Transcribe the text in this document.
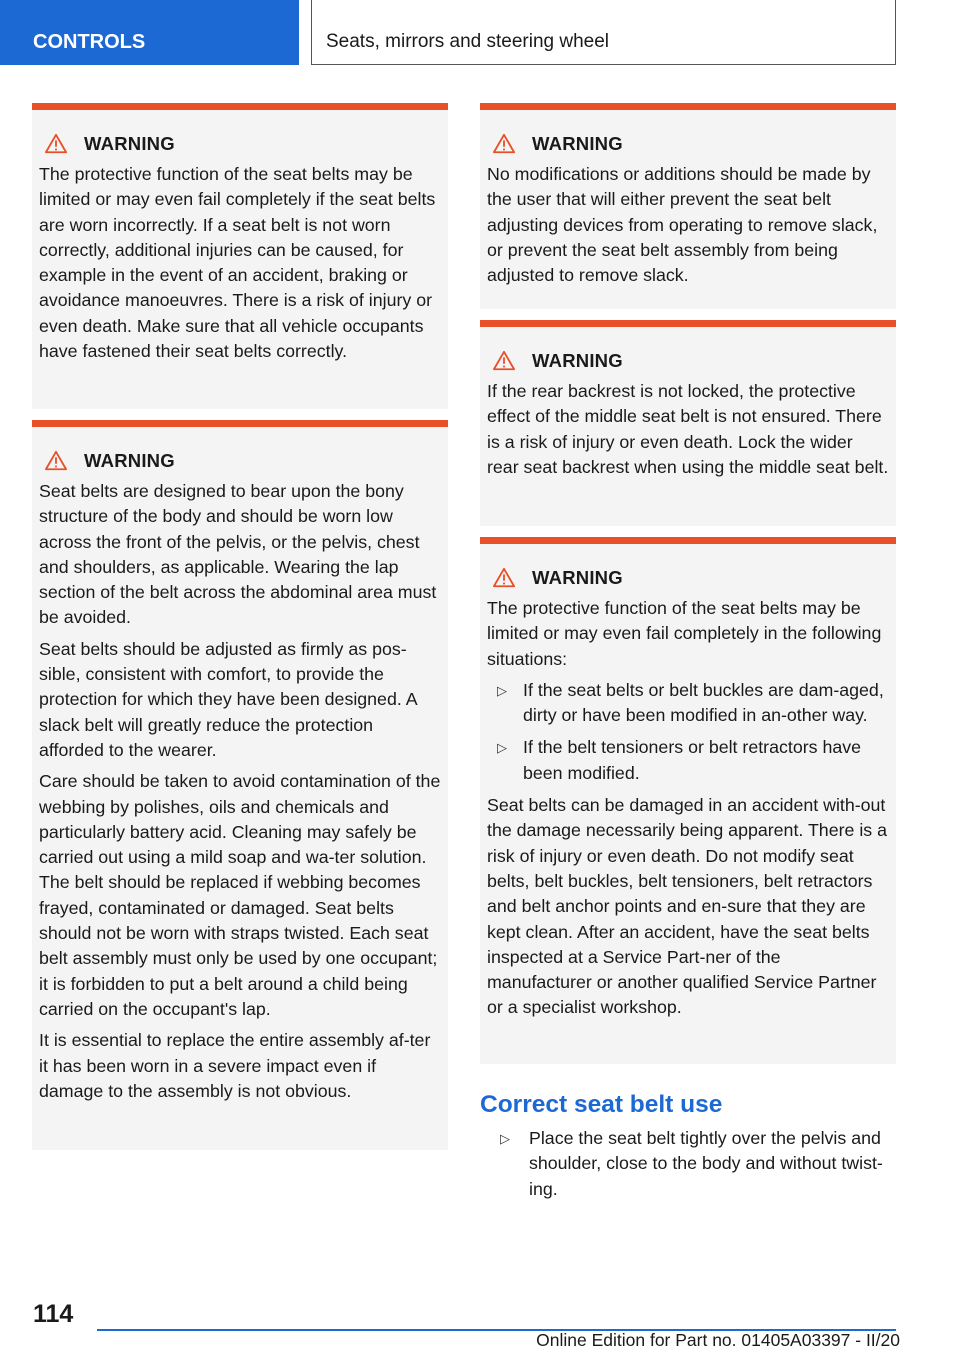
CONTROLS	Seats, mirrors and steering wheel
WARNING

The protective function of the seat belts may be limited or may even fail completely if the seat belts are worn incorrectly. If a seat belt is not worn correctly, additional injuries can be caused, for example in the event of an accident, braking or avoidance manoeuvres. There is a risk of injury or even death. Make sure that all vehicle occupants have fastened their seat belts correctly.

WARNING

Seat belts are designed to bear upon the bony structure of the body and should be worn low across the front of the pelvis, or the pelvis, chest and shoulders, as applicable. Wearing the lap section of the belt across the abdominal area must be avoided.

Seat belts should be adjusted as firmly as pos-sible, consistent with comfort, to provide the protection for which they have been designed. A slack belt will greatly reduce the protection afforded to the wearer.

Care should be taken to avoid contamination of the webbing by polishes, oils and chemicals and particularly battery acid. Cleaning may safely be carried out using a mild soap and wa-ter solution. The belt should be replaced if webbing becomes frayed, contaminated or damaged. Seat belts should not be worn with straps twisted. Each seat belt assembly must only be used by one occupant; it is forbidden to put a belt around a child being carried on the occupant's lap.

It is essential to replace the entire assembly af-ter it has been worn in a severe impact even if damage to the assembly is not obvious.

WARNING

No modifications or additions should be made by the user that will either prevent the seat belt adjusting devices from operating to remove slack, or prevent the seat belt assembly from being adjusted to remove slack.

WARNING

If the rear backrest is not locked, the protective effect of the middle seat belt is not ensured. There is a risk of injury or even death. Lock the wider rear seat backrest when using the middle seat belt.

WARNING

The protective function of the seat belts may be limited or may even fail completely in the following situations:

▷ If the seat belts or belt buckles are dam-aged, dirty or have been modified in an-other way.
▷ If the belt tensioners or belt retractors have been modified.

Seat belts can be damaged in an accident with-out the damage necessarily being apparent. There is a risk of injury or even death. Do not modify seat belts, belt buckles, belt tensioners, belt retractors and belt anchor points and en-sure that they are kept clean. After an accident, have the seat belts inspected at a Service Part-ner of the manufacturer or another qualified Service Partner or a specialist workshop.

Correct seat belt use
▷	Place the seat belt tightly over the pelvis and shoulder, close to the body and without twist-ing.
114
Online Edition for Part no. 01405A03397 - II/20
